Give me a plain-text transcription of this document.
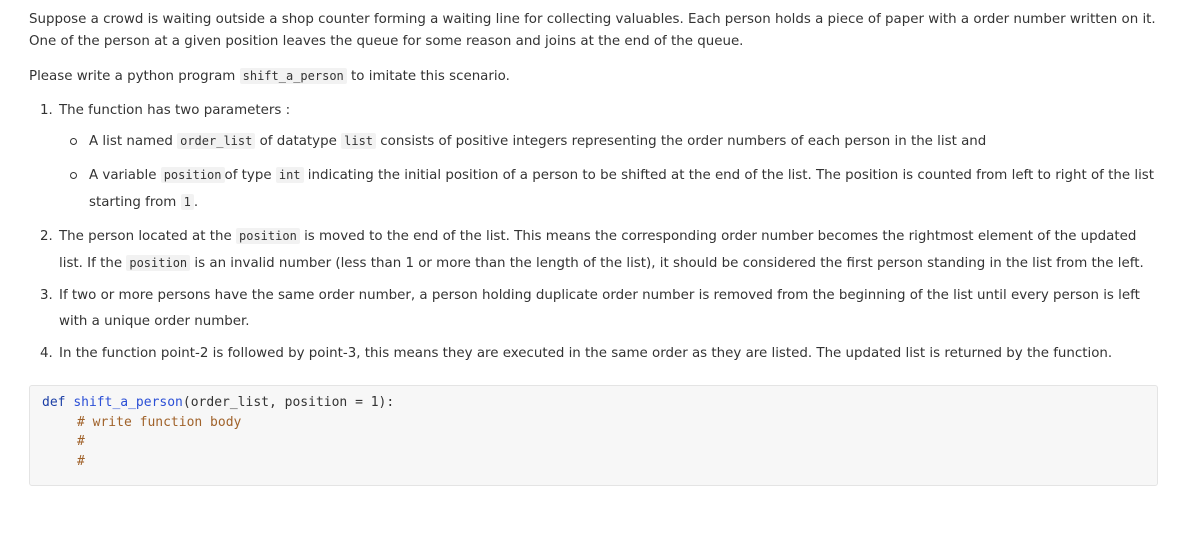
Suppose a crowd is waiting outside a shop counter forming a waiting line for collecting valuables. Each person holds a piece of paper with a order number written on it. One of the person at a given position leaves the queue for some reason and joins at the end of the queue.

Please write a python program shift_a_person to imitate this scenario.

1. The function has two parameters :
A list named order_list of datatype list consists of positive integers representing the order numbers of each person in the list and
A variable position of type int indicating the initial position of a person to be shifted at the end of the list. The position is counted from left to right of the list starting from 1 .
2. The person located at the position is moved to the end of the list. This means the corresponding order number becomes the rightmost element of the updated list. If the position is an invalid number (less than 1 or more than the length of the list), it should be considered the first person standing in the list from the left.
3. If two or more persons have the same order number, a person holding duplicate order number is removed from the beginning of the list until every person is left with a unique order number.
4. In the function point-2 is followed by point-3, this means they are executed in the same order as they are listed. The updated list is returned by the function.
def shift_a_person(order_list, position = 1):
# write function body
#
#
